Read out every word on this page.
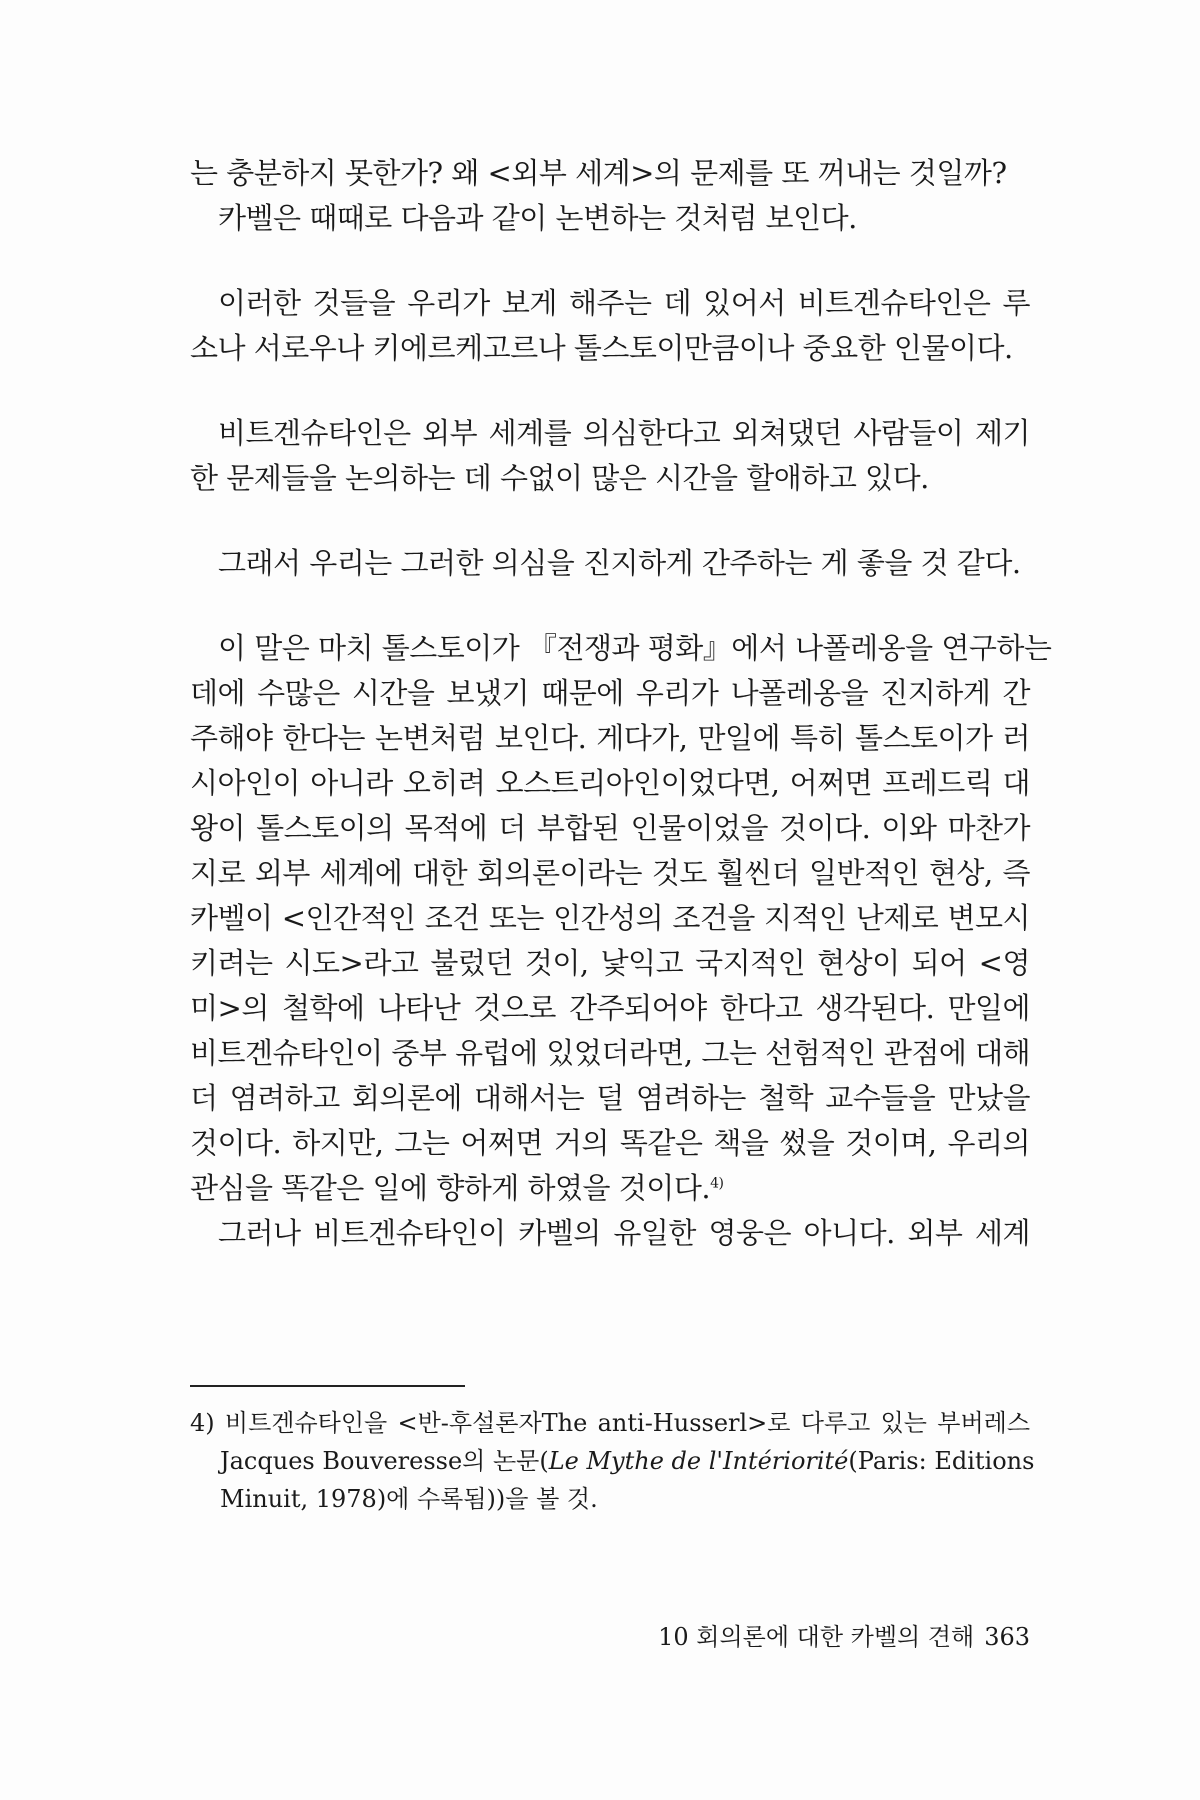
는 충분하지 못한가? 왜 <외부 세계>의 문제를 또 꺼내는 것일까?
카벨은 때때로 다음과 같이 논변하는 것처럼 보인다.
이러한 것들을 우리가 보게 해주는 데 있어서 비트겐슈타인은 루
소나 서로우나 키에르케고르나 톨스토이만큼이나 중요한 인물이다.
비트겐슈타인은 외부 세계를 의심한다고 외쳐댔던 사람들이 제기
한 문제들을 논의하는 데 수없이 많은 시간을 할애하고 있다.
그래서 우리는 그러한 의심을 진지하게 간주하는 게 좋을 것 같다.
이 말은 마치 톨스토이가 『전쟁과 평화』에서 나폴레옹을 연구하는
데에 수많은 시간을 보냈기 때문에 우리가 나폴레옹을 진지하게 간
주해야 한다는 논변처럼 보인다. 게다가, 만일에 특히 톨스토이가 러
시아인이 아니라 오히려 오스트리아인이었다면, 어쩌면 프레드릭 대
왕이 톨스토이의 목적에 더 부합된 인물이었을 것이다. 이와 마찬가
지로 외부 세계에 대한 회의론이라는 것도 훨씬더 일반적인 현상, 즉
카벨이 <인간적인 조건 또는 인간성의 조건을 지적인 난제로 변모시
키려는 시도>라고 불렀던 것이, 낯익고 국지적인 현상이 되어 <영
미>의 철학에 나타난 것으로 간주되어야 한다고 생각된다. 만일에
비트겐슈타인이 중부 유럽에 있었더라면, 그는 선험적인 관점에 대해
더 염려하고 회의론에 대해서는 덜 염려하는 철학 교수들을 만났을
것이다. 하지만, 그는 어쩌면 거의 똑같은 책을 썼을 것이며, 우리의
관심을 똑같은 일에 향하게 하였을 것이다.$^{4)}$
그러나 비트겐슈타인이 카벨의 유일한 영웅은 아니다. 외부 세계
4) 비트겐슈타인을 <반-후설론자The anti-Husserl>로 다루고 있는 부버레스
Jacques Bouveresse의 논문(Le Mythe de l'Intériorité(Paris: Editions
Minuit, 1978)에 수록됨))을 볼 것.
10 회의론에 대한 카벨의 견해 363
